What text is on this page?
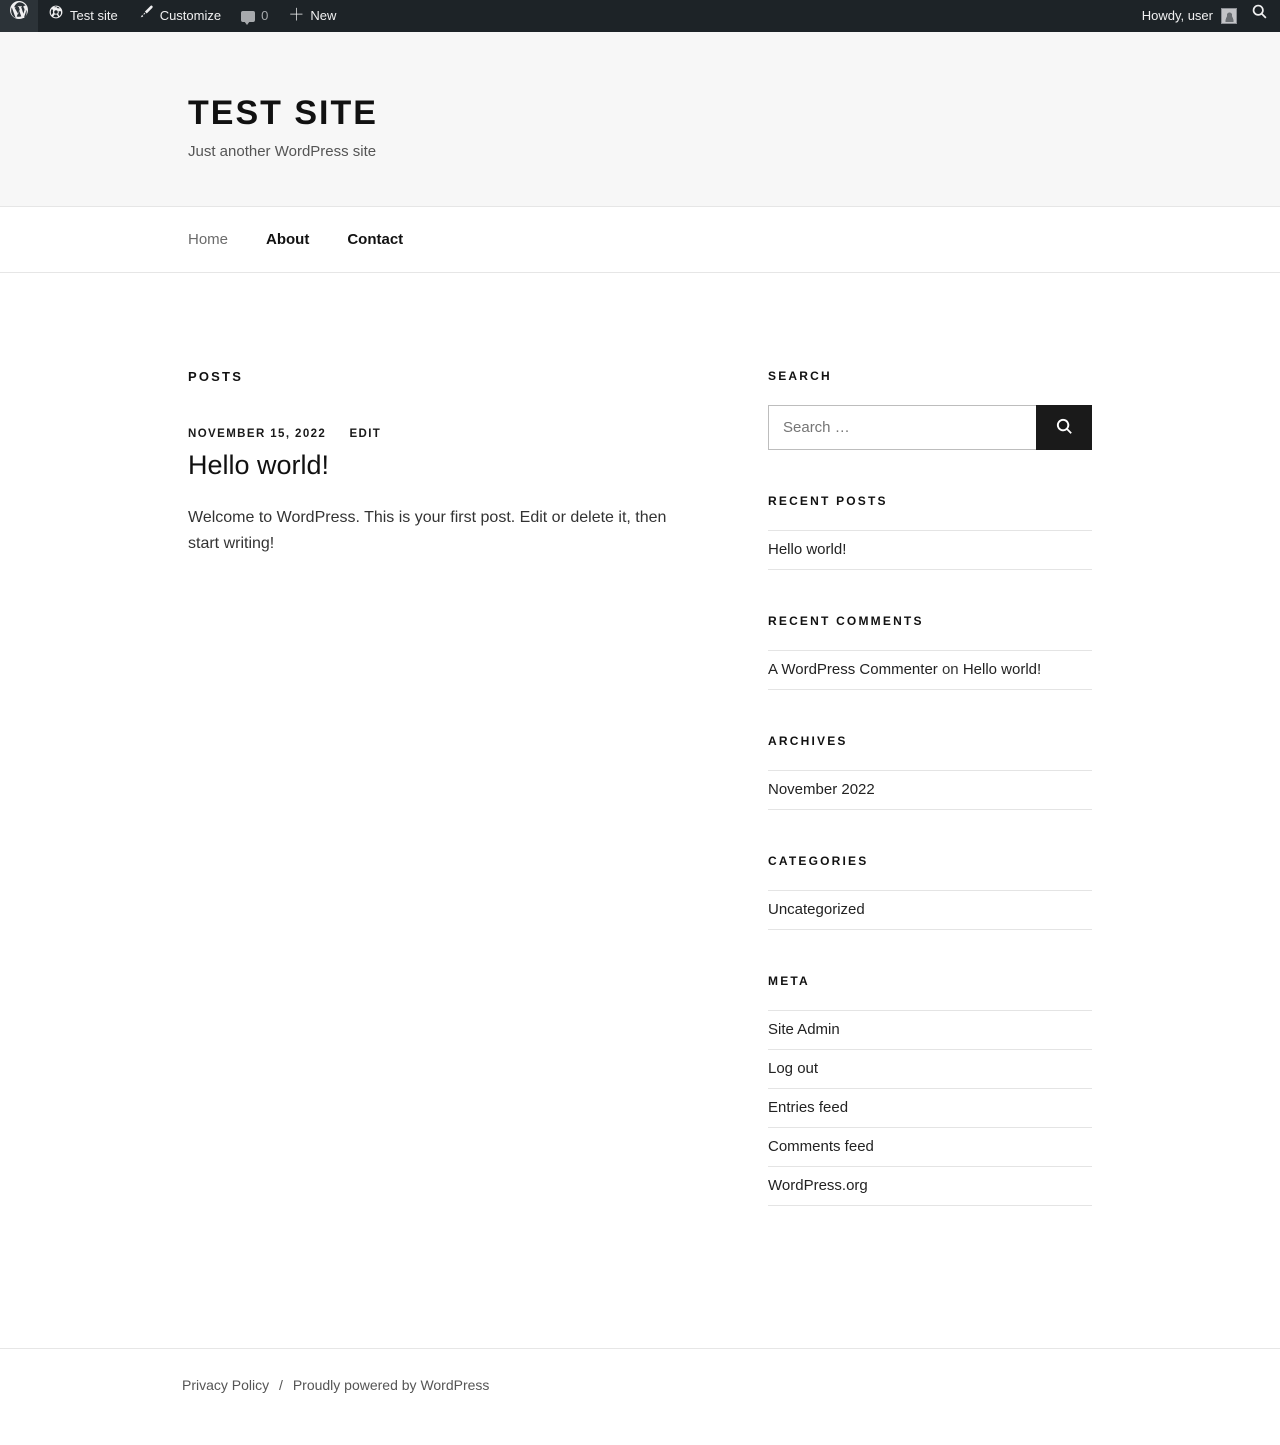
Test site	Customize	0 ＋ New	Howdy, user
TEST SITE

Just another WordPress site

Home	About	Contact
POSTS
NOVEMBER 15, 2022 EDIT
Hello world!

Welcome to WordPress. This is your first post. Edit or delete it, then start writing!

SEARCH
Search …
RECENT POSTS
Hello world!
RECENT COMMENTS
A WordPress Commenter on Hello world!
ARCHIVES
November 2022
CATEGORIES
Uncategorized
META
Site Admin
Log out
Entries feed
Comments feed
WordPress.org
Privacy Policy / Proudly powered by WordPress
